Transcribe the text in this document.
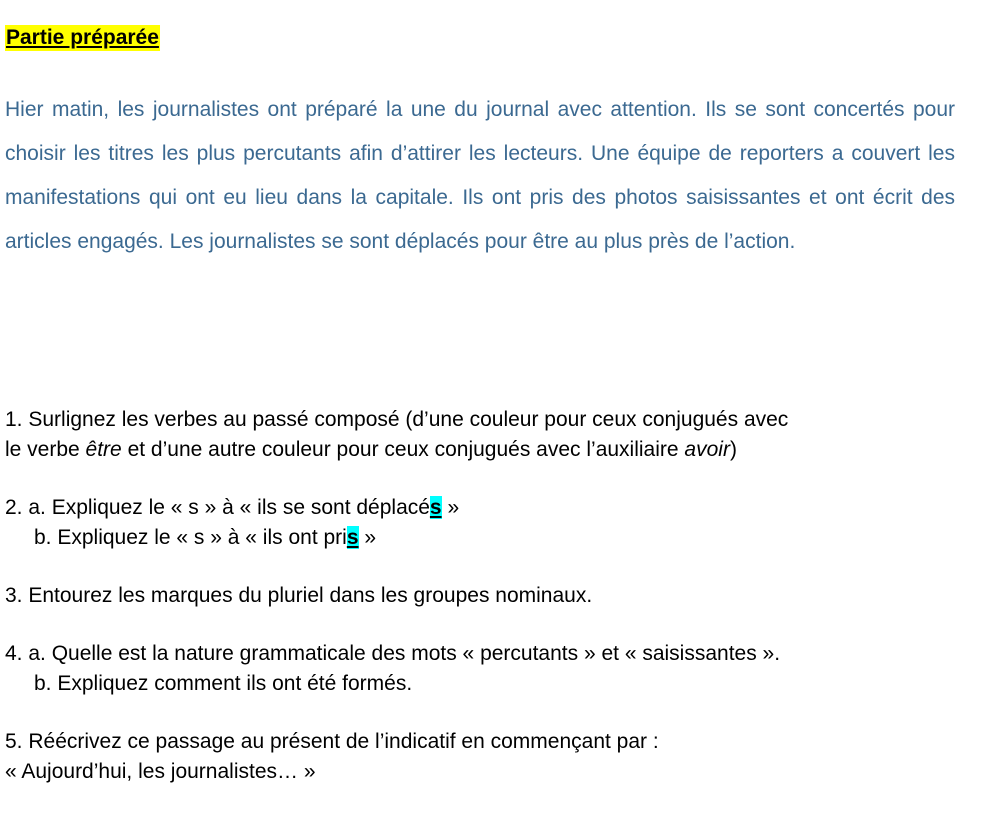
Partie préparée

Hier matin, les journalistes ont préparé la une du journal avec attention. Ils se sont concertés pour choisir les titres les plus percutants afin d’attirer les lecteurs. Une équipe de reporters a couvert les manifestations qui ont eu lieu dans la capitale. Ils ont pris des photos saisissantes et ont écrit des articles engagés. Les journalistes se sont déplacés pour être au plus près de l’action.

1. Surlignez les verbes au passé composé (d’une couleur pour ceux conjugués avec
le verbe être et d’une autre couleur pour ceux conjugués avec l’auxiliaire avoir)
2. a. Expliquez le « s » à « ils se sont déplacés »
b. Expliquez le « s » à « ils ont pris »
3. Entourez les marques du pluriel dans les groupes nominaux.
4. a. Quelle est la nature grammaticale des mots « percutants » et « saisissantes ».
b. Expliquez comment ils ont été formés.
5. Réécrivez ce passage au présent de l’indicatif en commençant par :
« Aujourd’hui, les journalistes… »
